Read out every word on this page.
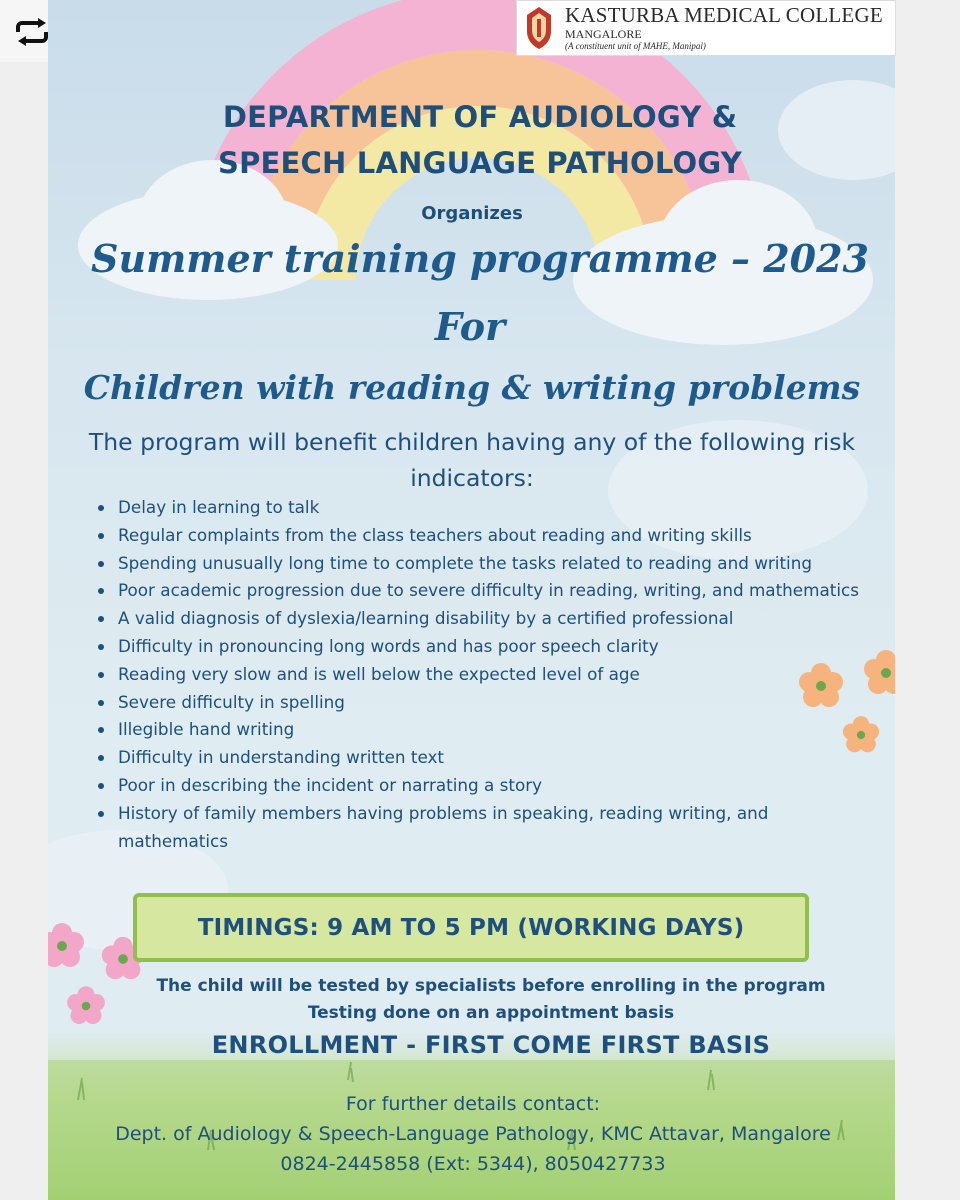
KASTURBA MEDICAL COLLEGE
MANGALORE
(A constituent unit of MAHE, Manipal)
DEPARTMENT OF AUDIOLOGY &
SPEECH LANGUAGE PATHOLOGY
Organizes
Summer training programme – 2023
For
Children with reading & writing problems
The program will benefit children having any of the following risk
indicators:
Delay in learning to talk
Regular complaints from the class teachers about reading and writing skills
Spending unusually long time to complete the tasks related to reading and writing
Poor academic progression due to severe difficulty in reading, writing, and mathematics
A valid diagnosis of dyslexia/learning disability by a certified professional
Difficulty in pronouncing long words and has poor speech clarity
Reading very slow and is well below the expected level of age
Severe difficulty in spelling
Illegible hand writing
Difficulty in understanding written text
Poor in describing the incident or narrating a story
History of family members having problems in speaking, reading writing, and mathematics
TIMINGS: 9 AM TO 5 PM (WORKING DAYS)
The child will be tested by specialists before enrolling in the program
Testing done on an appointment basis
ENROLLMENT - FIRST COME FIRST BASIS
For further details contact:
Dept. of Audiology & Speech-Language Pathology, KMC Attavar, Mangalore
0824-2445858 (Ext: 5344), 8050427733
